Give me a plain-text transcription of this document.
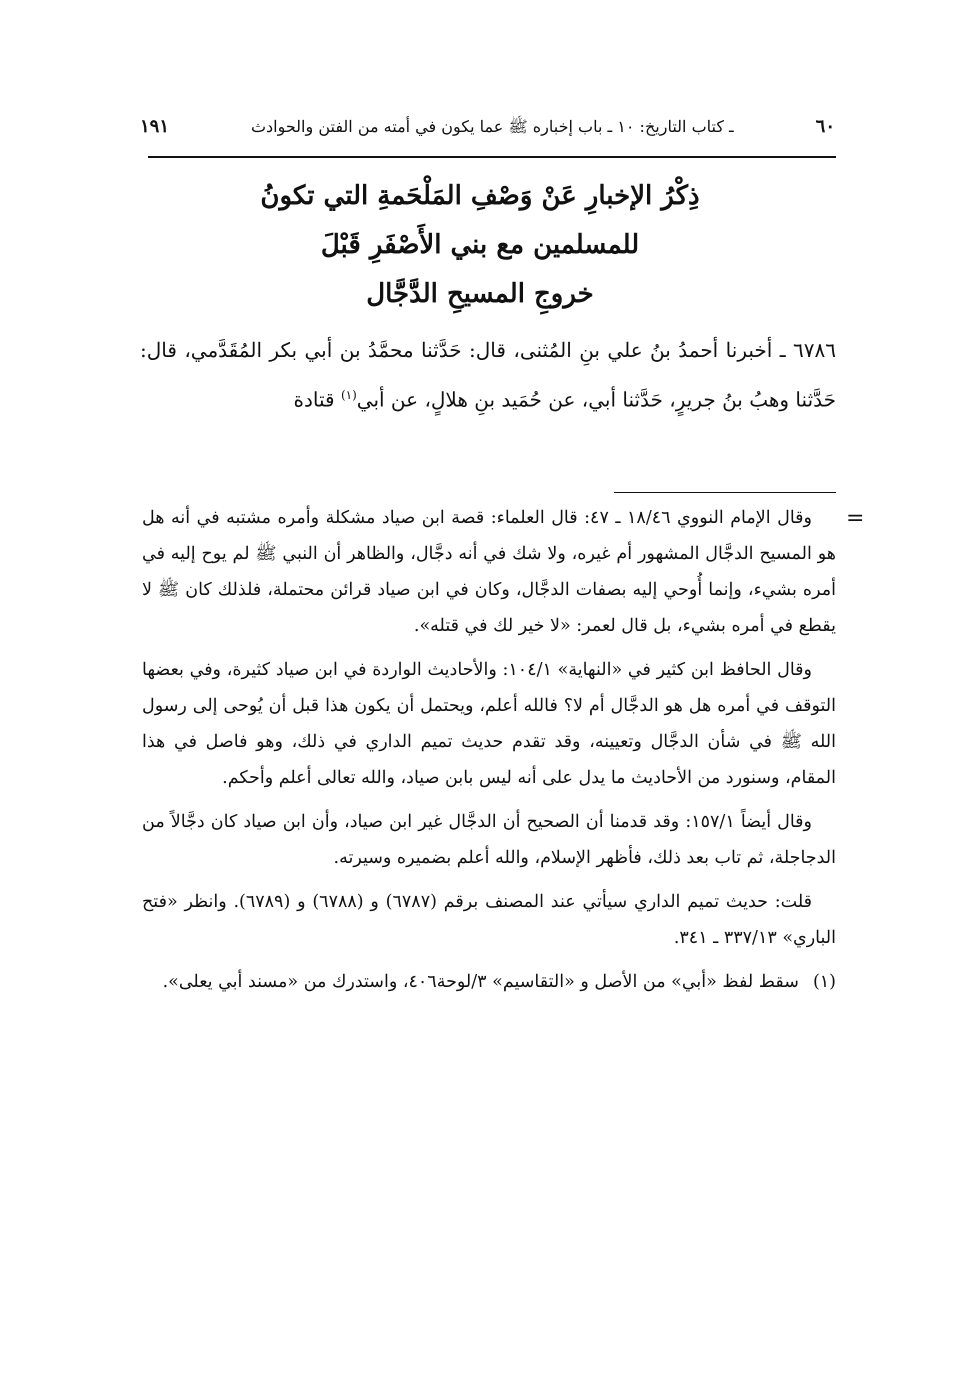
٦٠
ـ كتاب التاريخ: ١٠ ـ باب إخباره ﷺ عما يكون في أمته من الفتن والحوادث
١٩١
ذِكْرُ الإخبارِ عَنْ وَصْفِ المَلْحَمةِ التي تكونُ
للمسلمين مع بني الأَصْفَرِ قَبْلَ
خروجِ المسيحِ الدَّجَّال
٦٧٨٦ ـ أخبرنا أحمدُ بنُ علي بنِ المُثنى، قال: حَدَّثنا محمَّدُ بن أبي بكر المُقَدَّمي، قال: حَدَّثنا وهبُ بنُ جريرٍ، حَدَّثنا أبي، عن حُمَيد بنِ هلالٍ، عن أبي$^{(١)}$ قتادة
=

وقال الإمام النووي ١٨/٤٦ ـ ٤٧: قال العلماء: قصة ابن صياد مشكلة وأمره مشتبه في أنه هل هو المسيح الدجَّال المشهور أم غيره، ولا شك في أنه دجَّال، والظاهر أن النبي ﷺ لم يوح إليه في أمره بشيء، وإنما أُوحي إليه بصفات الدجَّال، وكان في ابن صياد قرائن محتملة، فلذلك كان ﷺ لا يقطع في أمره بشيء، بل قال لعمر: «لا خير لك في قتله».

وقال الحافظ ابن كثير في «النهاية» ١٠٤/١: والأحاديث الواردة في ابن صياد كثيرة، وفي بعضها التوقف في أمره هل هو الدجَّال أم لا؟ فالله أعلم، ويحتمل أن يكون هذا قبل أن يُوحى إلى رسول الله ﷺ في شأن الدجَّال وتعيينه، وقد تقدم حديث تميم الداري في ذلك، وهو فاصل في هذا المقام، وسنورد من الأحاديث ما يدل على أنه ليس بابن صياد، والله تعالى أعلم وأحكم.

وقال أيضاً ١٥٧/١: وقد قدمنا أن الصحيح أن الدجَّال غير ابن صياد، وأن ابن صياد كان دجَّالاً من الدجاجلة، ثم تاب بعد ذلك، فأظهر الإسلام، والله أعلم بضميره وسيرته.

قلت: حديث تميم الداري سيأتي عند المصنف برقم (٦٧٨٧) و (٦٧٨٨) و (٦٧٨٩). وانظر «فتح الباري» ٣٣٧/١٣ ـ ٣٤١.

(١)
سقط لفظ «أبي» من الأصل و «التقاسيم» ٣/لوحة٤٠٦، واستدرك من «مسند أبي يعلى».
